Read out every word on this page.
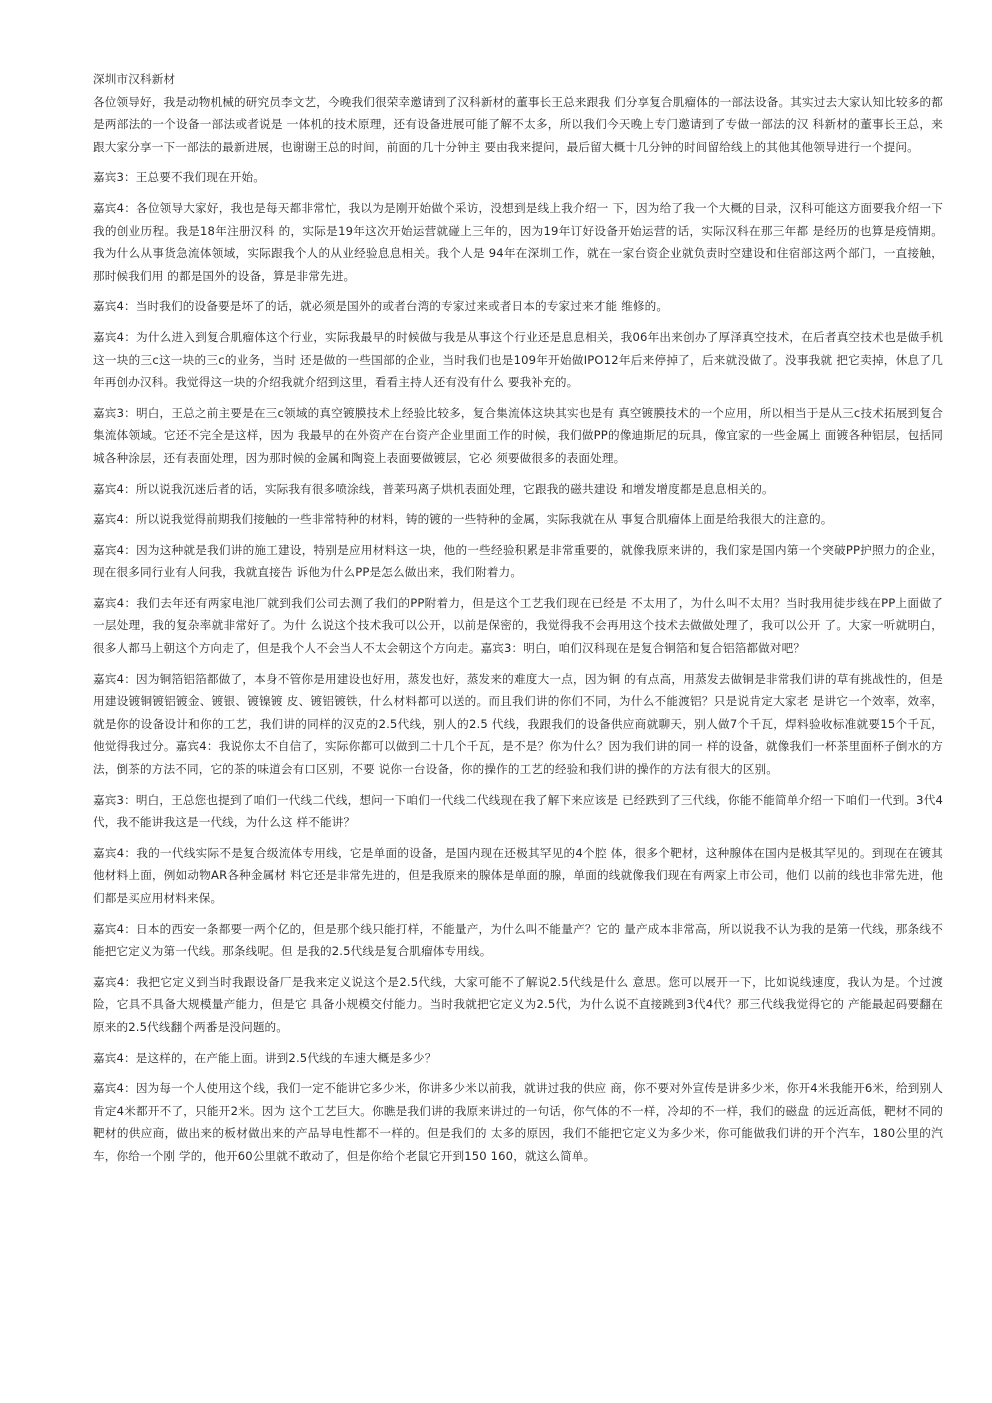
深圳市汉科新材

各位领导好，我是动物机械的研究员李文艺，今晚我们很荣幸邀请到了汉科新材的董事长王总来跟我 们分享复合肌瘤体的一部法设备。其实过去大家认知比较多的都是两部法的一个设备一部法或者说是 一体机的技术原理，还有设备进展可能了解不太多，所以我们今天晚上专门邀请到了专做一部法的汉 科新材的董事长王总，来跟大家分享一下一部法的最新进展，也谢谢王总的时间，前面的几十分钟主 要由我来提问，最后留大概十几分钟的时间留给线上的其他其他领导进行一个提问。

嘉宾3：王总要不我们现在开始。

嘉宾4：各位领导大家好，我也是每天都非常忙，我以为是刚开始做个采访，没想到是线上我介绍一 下，因为给了我一个大概的目录，汉科可能这方面要我介绍一下我的创业历程。我是18年注册汉科 的，实际是19年这次开始运营就碰上三年的，因为19年订好设备开始运营的话，实际汉科在那三年都 是经历的也算是疫情期。我为什么从事货急流体领域，实际跟我个人的从业经验息息相关。我个人是 94年在深圳工作，就在一家台资企业就负责时空建设和住宿部这两个部门，一直接触，那时候我们用 的都是国外的设备，算是非常先进。

嘉宾4：当时我们的设备要是坏了的话，就必须是国外的或者台湾的专家过来或者日本的专家过来才能 维修的。

嘉宾4：为什么进入到复合肌瘤体这个行业，实际我最早的时候做与我是从事这个行业还是息息相关，我06年出来创办了厚泽真空技术，在后者真空技术也是做手机这一块的三c这一块的三c的业务，当时 还是做的一些国部的企业，当时我们也是109年开始做IPO12年后来停掉了，后来就没做了。没事我就 把它卖掉，休息了几年再创办汉科。我觉得这一块的介绍我就介绍到这里，看看主持人还有没有什么 要我补充的。

嘉宾3：明白，王总之前主要是在三c领域的真空镀膜技术上经验比较多，复合集流体这块其实也是有 真空镀膜技术的一个应用，所以相当于是从三c技术拓展到复合集流体领域。它还不完全是这样，因为 我最早的在外资产在台资产企业里面工作的时候，我们做PP的像迪斯尼的玩具，像宜家的一些金属上 面镀各种铝层，包括同城各种涂层，还有表面处理，因为那时候的金属和陶瓷上表面要做镀层，它必 须要做很多的表面处理。

嘉宾4：所以说我沉迷后者的话，实际我有很多喷涂线，普莱玛离子烘机表面处理，它跟我的磁共建设 和增发增度都是息息相关的。

嘉宾4：所以说我觉得前期我们接触的一些非常特种的材料，铸的镀的一些特种的金属，实际我就在从 事复合肌瘤体上面是给我很大的注意的。

嘉宾4：因为这种就是我们讲的施工建设，特别是应用材料这一块，他的一些经验积累是非常重要的，就像我原来讲的，我们家是国内第一个突破PP护照力的企业，现在很多同行业有人问我，我就直接告 诉他为什么PP是怎么做出来，我们附着力。

嘉宾4：我们去年还有两家电池厂就到我们公司去测了我们的PP附着力，但是这个工艺我们现在已经是 不太用了，为什么叫不太用？当时我用徒步线在PP上面做了一层处理，我的复杂率就非常好了。为什 么说这个技术我可以公开，以前是保密的，我觉得我不会再用这个技术去做做处理了，我可以公开 了。大家一听就明白，很多人都马上朝这个方向走了，但是我个人不会当人不太会朝这个方向走。嘉宾3：明白，咱们汉科现在是复合铜箔和复合铝箔都做对吧？

嘉宾4：因为铜箔铝箔都做了，本身不管你是用建设也好用，蒸发也好，蒸发来的难度大一点，因为铜 的有点高，用蒸发去做铜是非常我们讲的草有挑战性的，但是用建设镀铜镀铝镀金、镀银、镀镍镀 皮、镀铝镀铁，什么材料都可以送的。而且我们讲的你们不同，为什么不能渡铝？只是说肯定大家老 是讲它一个效率，效率，就是你的设备设计和你的工艺，我们讲的同样的汉克的2.5代线，别人的2.5 代线，我跟我们的设备供应商就聊天，别人做7个千瓦，焊料验收标准就要15个千瓦，他觉得我过分。嘉宾4：我说你太不自信了，实际你都可以做到二十几个千瓦，是不是？你为什么？因为我们讲的同一 样的设备，就像我们一杯茶里面杯子倒水的方法，倒茶的方法不同，它的茶的味道会有口区别，不要 说你一台设备，你的操作的工艺的经验和我们讲的操作的方法有很大的区别。

嘉宾3：明白，王总您也提到了咱们一代线二代线，想问一下咱们一代线二代线现在我了解下来应该是 已经跌到了三代线，你能不能简单介绍一下咱们一代到。3代4代，我不能讲我这是一代线，为什么这 样不能讲？

嘉宾4：我的一代线实际不是复合级流体专用线，它是单面的设备，是国内现在还极其罕见的4个腔 体，很多个靶材，这种腺体在国内是极其罕见的。到现在在镀其他材料上面，例如动物AR各种金属材 料它还是非常先进的，但是我原来的腺体是单面的腺，单面的线就像我们现在有两家上市公司，他们 以前的线也非常先进，他们都是买应用材料来保。

嘉宾4：日本的西安一条都要一两个亿的，但是那个线只能打样，不能量产，为什么叫不能量产？它的 量产成本非常高，所以说我不认为我的是第一代线，那条线不能把它定义为第一代线。那条线呢。但 是我的2.5代线是复合肌瘤体专用线。

嘉宾4：我把它定义到当时我跟设备厂是我来定义说这个是2.5代线，大家可能不了解说2.5代线是什么 意思。您可以展开一下，比如说线速度，我认为是。个过渡险，它具不具备大规模量产能力，但是它 具备小规模交付能力。当时我就把它定义为2.5代，为什么说不直接跳到3代4代？那三代线我觉得它的 产能最起码要翻在原来的2.5代线翻个两番是没问题的。

嘉宾4：是这样的，在产能上面。讲到2.5代线的车速大概是多少？

嘉宾4：因为每一个人使用这个线，我们一定不能讲它多少米，你讲多少米以前我，就讲过我的供应 商，你不要对外宣传是讲多少米，你开4米我能开6米，给到别人肯定4米都开不了，只能开2米。因为 这个工艺巨大。你瞧是我们讲的我原来讲过的一句话，你气体的不一样，冷却的不一样，我们的磁盘 的远近高低，靶材不同的靶材的供应商，做出来的板材做出来的产品导电性都不一样的。但是我们的 太多的原因，我们不能把它定义为多少米，你可能做我们讲的开个汽车，180公里的汽车，你给一个刚 学的，他开60公里就不敢动了，但是你给个老鼠它开到150 160，就这么简单。
